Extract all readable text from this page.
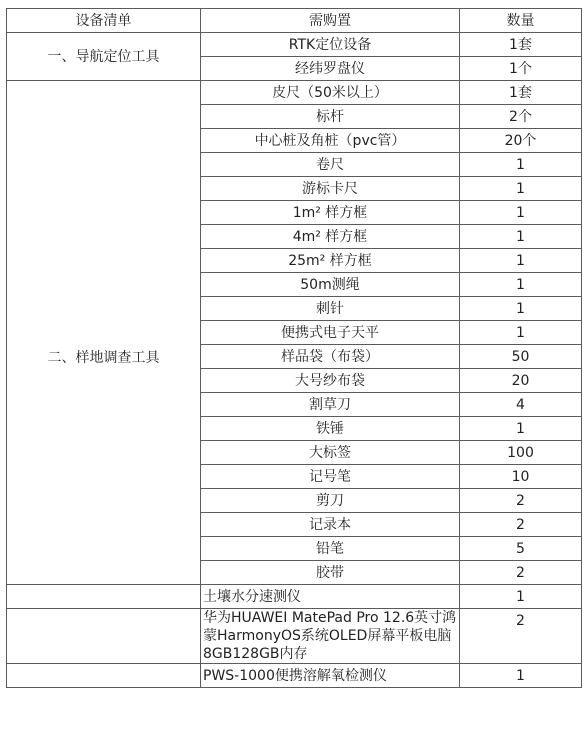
设备清单	需购置	数量
一、导航定位工具	RTK定位设备	1套
	经纬罗盘仪	1个
二、样地调查工具	皮尺（50米以上）	1套
	标杆	2个
	中心桩及角桩（pvc管）	20个
	卷尺	1
	游标卡尺	1
	1m² 样方框	1
	4m² 样方框	1
	25m² 样方框	1
	50m测绳	1
	刺针	1
	便携式电子天平	1
	样品袋（布袋）	50
	大号纱布袋	20
	割草刀	4
	铁锤	1
	大标签	100
	记号笔	10
	剪刀	2
	记录本	2
	铅笔	5
	胶带	2
	土壤水分速测仪	1
	华为HUAWEI MatePad Pro 12.6英寸鸿蒙HarmonyOS系统OLED屏幕平板电脑8GB128GB内存	2
	PWS-1000便携溶解氧检测仪	1
